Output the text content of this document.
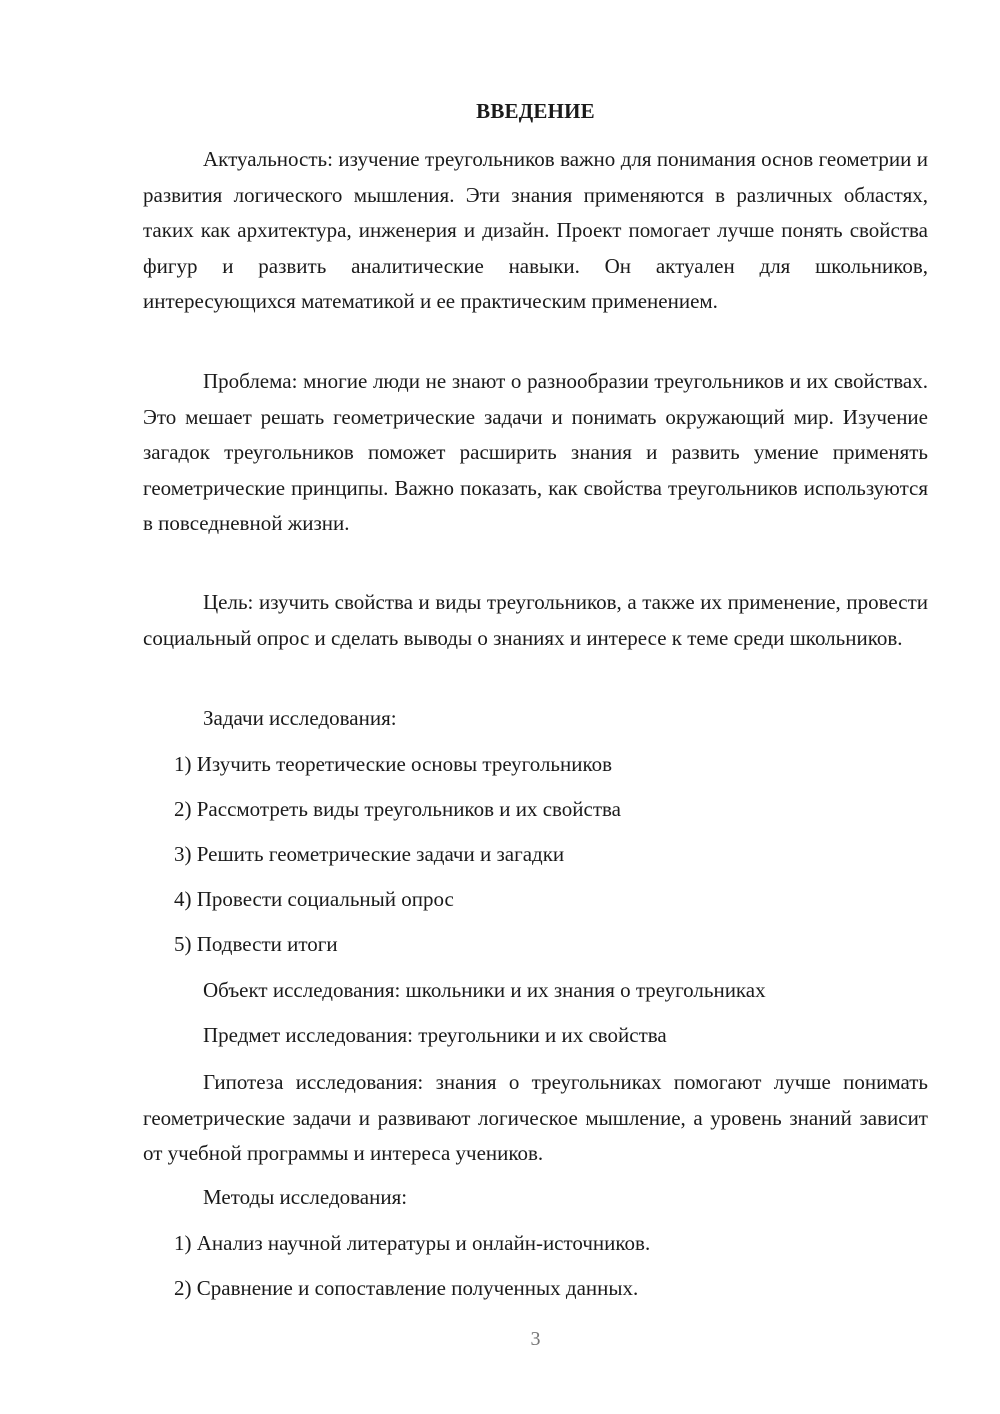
ВВЕДЕНИЕ

Актуальность: изучение треугольников важно для понимания основ геометрии и развития логического мышления. Эти знания применяются в различных областях, таких как архитектура, инженерия и дизайн. Проект помогает лучше понять свойства фигур и развить аналитические навыки. Он актуален для школьников, интересующихся математикой и ее практическим применением.

Проблема: многие люди не знают о разнообразии треугольников и их свойствах. Это мешает решать геометрические задачи и понимать окружающий мир. Изучение загадок треугольников поможет расширить знания и развить умение применять геометрические принципы. Важно показать, как свойства треугольников используются в повседневной жизни.

Цель: изучить свойства и виды треугольников, а также их применение, провести социальный опрос и сделать выводы о знаниях и интересе к теме среди школьников.

Задачи исследования:
1) Изучить теоретические основы треугольников
2) Рассмотреть виды треугольников и их свойства
3) Решить геометрические задачи и загадки
4) Провести социальный опрос
5) Подвести итоги
Объект исследования: школьники и их знания о треугольниках
Предмет исследования: треугольники и их свойства

Гипотеза исследования: знания о треугольниках помогают лучше понимать геометрические задачи и развивают логическое мышление, а уровень знаний зависит от учебной программы и интереса учеников.

Методы исследования:
1) Анализ научной литературы и онлайн-источников.
2) Сравнение и сопоставление полученных данных.
3
